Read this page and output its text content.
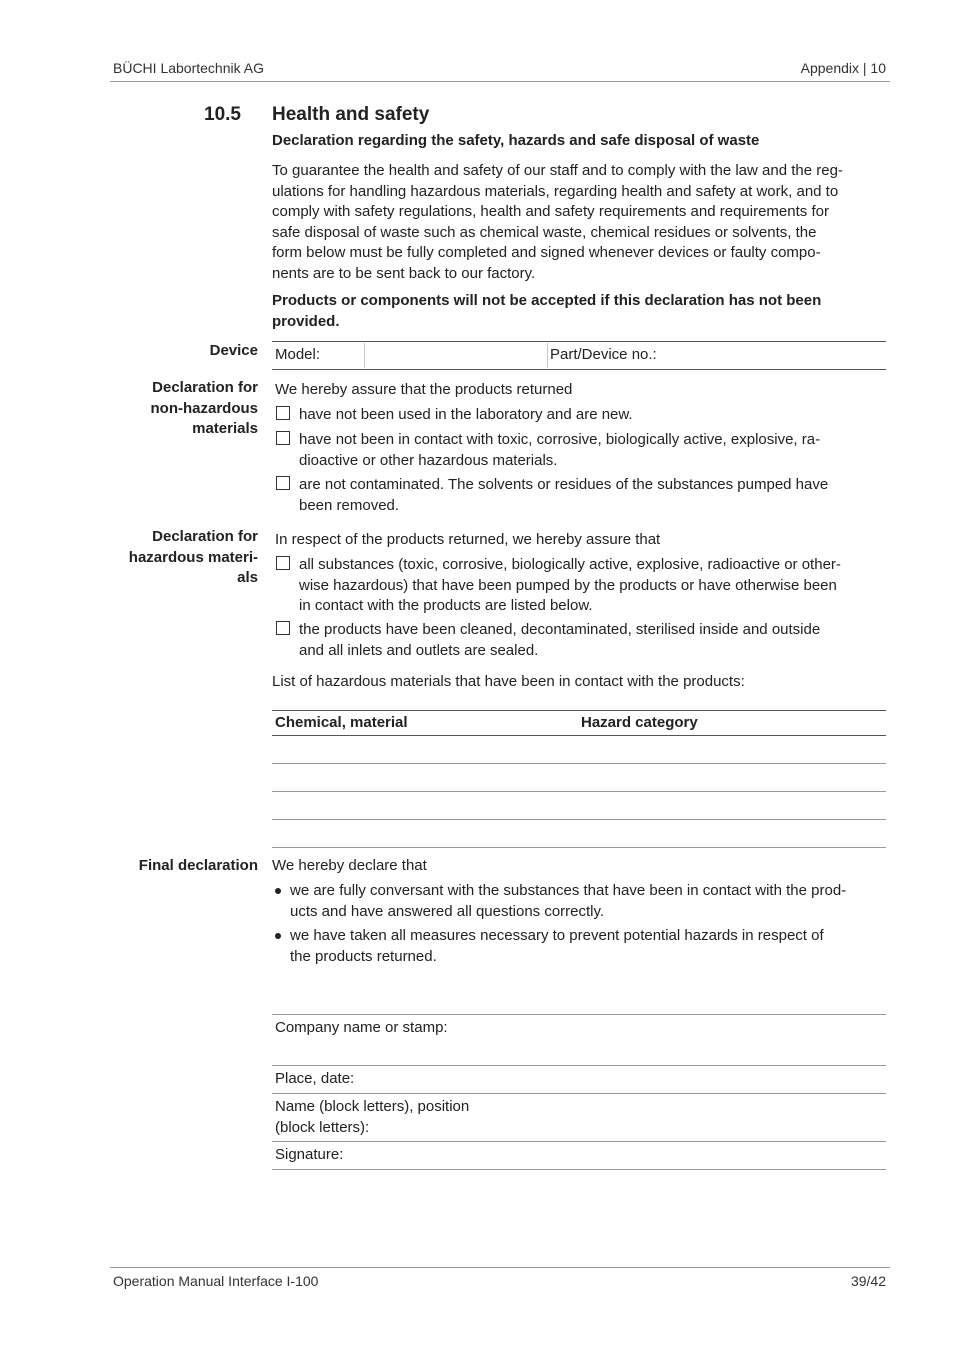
BÜCHI Labortechnik AG	Appendix | 10
10.5 Health and safety
Declaration regarding the safety, hazards and safe disposal of waste
To guarantee the health and safety of our staff and to comply with the law and the reg-
ulations for handling hazardous materials, regarding health and safety at work, and to
comply with safety regulations, health and safety requirements and requirements for
safe disposal of waste such as chemical waste, chemical residues or solvents, the
form below must be fully completed and signed whenever devices or faulty compo-
nents are to be sent back to our factory.
Products or components will not be accepted if this declaration has not been
provided.
Device Model:	Part/Device no.:
Declaration for
non-hazardous
materials
We hereby assure that the products returned
have not been used in the laboratory and are new.
have not been in contact with toxic, corrosive, biologically active, explosive, ra-
dioactive or other hazardous materials.
are not contaminated. The solvents or residues of the substances pumped have
been removed.
Declaration for
hazardous materi-
als
In respect of the products returned, we hereby assure that
all substances (toxic, corrosive, biologically active, explosive, radioactive or other-
wise hazardous) that have been pumped by the products or have otherwise been
in contact with the products are listed below.
the products have been cleaned, decontaminated, sterilised inside and outside
and all inlets and outlets are sealed.
List of hazardous materials that have been in contact with the products:
Chemical, material	Hazard category
Final declaration We hereby declare that
we are fully conversant with the substances that have been in contact with the prod-
ucts and have answered all questions correctly.
we have taken all measures necessary to prevent potential hazards in respect of
the products returned.
Company name or stamp:
Place, date:
Name (block letters), position
(block letters):
Signature:
Operation Manual Interface I-100	39/42
